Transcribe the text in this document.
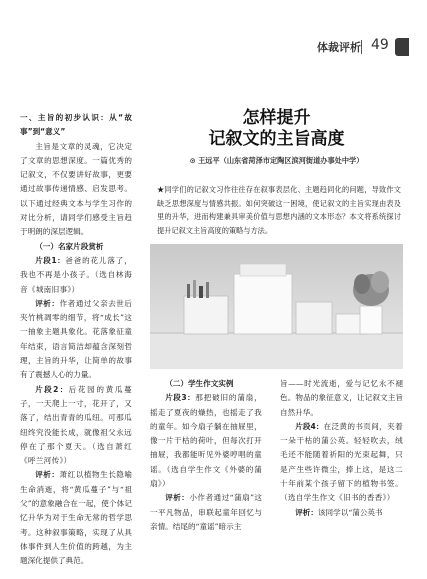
体裁评析 49

一、主旨的初步认识：从“故事”到“意义”

主旨是文章的灵魂，它决定了文章的思想深度。一篇优秀的记叙文，不仅要讲好故事，更要通过故事传递情感、启发思考。以下通过经典文本与学生习作的对比分析，请同学们感受主旨趋于明朗的深层逻辑。

（一）名家片段赏析

片段1：爸爸的花儿落了，我也不再是小孩子。（选自林海音《城南旧事》）

评析：作者通过父亲去世后夹竹桃凋零的细节，将“成长”这一抽象主题具象化。花落象征童年结束，语言简洁却蕴含深刻哲理，主旨的升华，让简单的故事有了震撼人心的力量。

片段2：后花园的黄瓜蔓子，一天爬上一寸，花开了，又落了，结出青青的瓜纽。可那瓜纽终究没能长成，就像祖父永远停在了那个夏天。（选自萧红《呼兰河传》）

评析：萧红以植物生长隐喻生命消逝，将“黄瓜蔓子”与“祖父”的意象融合在一起，使个体记忆升华为对于生命无常的哲学思考。这种叙事策略，实现了从具体事件到人生价值的跨越，为主题深化提供了典范。

怎样提升
记叙文的主旨高度
⊙ 王远平（山东省菏泽市定陶区滨河街道办事处中学）
★同学们的记叙文习作往往存在叙事表层化、主题趋同化的问题，导致作文缺乏思想深度与情感共振。如何突破这一困境，使记叙文的主旨实现由表及里的升华，进而构建兼具审美价值与思想内涵的文本形态？本文将系统探讨提升记叙文主旨高度的策略与方法。

（二）学生作文实例

片段3：那把破旧的蒲扇，摇走了夏夜的燥热，也摇走了我的童年。如今扇子躺在抽屉里，像一片干枯的荷叶，但每次打开抽屉，我都能听见外婆哼唱的童谣。（选自学生作文《外婆的蒲扇》）

评析：小作者通过“蒲扇”这一平凡物品，串联起童年回忆与亲情。结尾的“童谣”暗示主

旨——时光流逝，爱与记忆永不褪色。物品的象征意义，让记叙文主旨自然升华。

片段4：在泛黄的书页间，夹着一朵干枯的蒲公英。轻轻吹去，绒毛还不能随着祈阳的光束起舞，只是产生些许微尘，捧上这，是这二十年前某个孩子留下的植物书签。（选自学生作文《旧书的香香》）

评析：该同学以“蒲公英书
